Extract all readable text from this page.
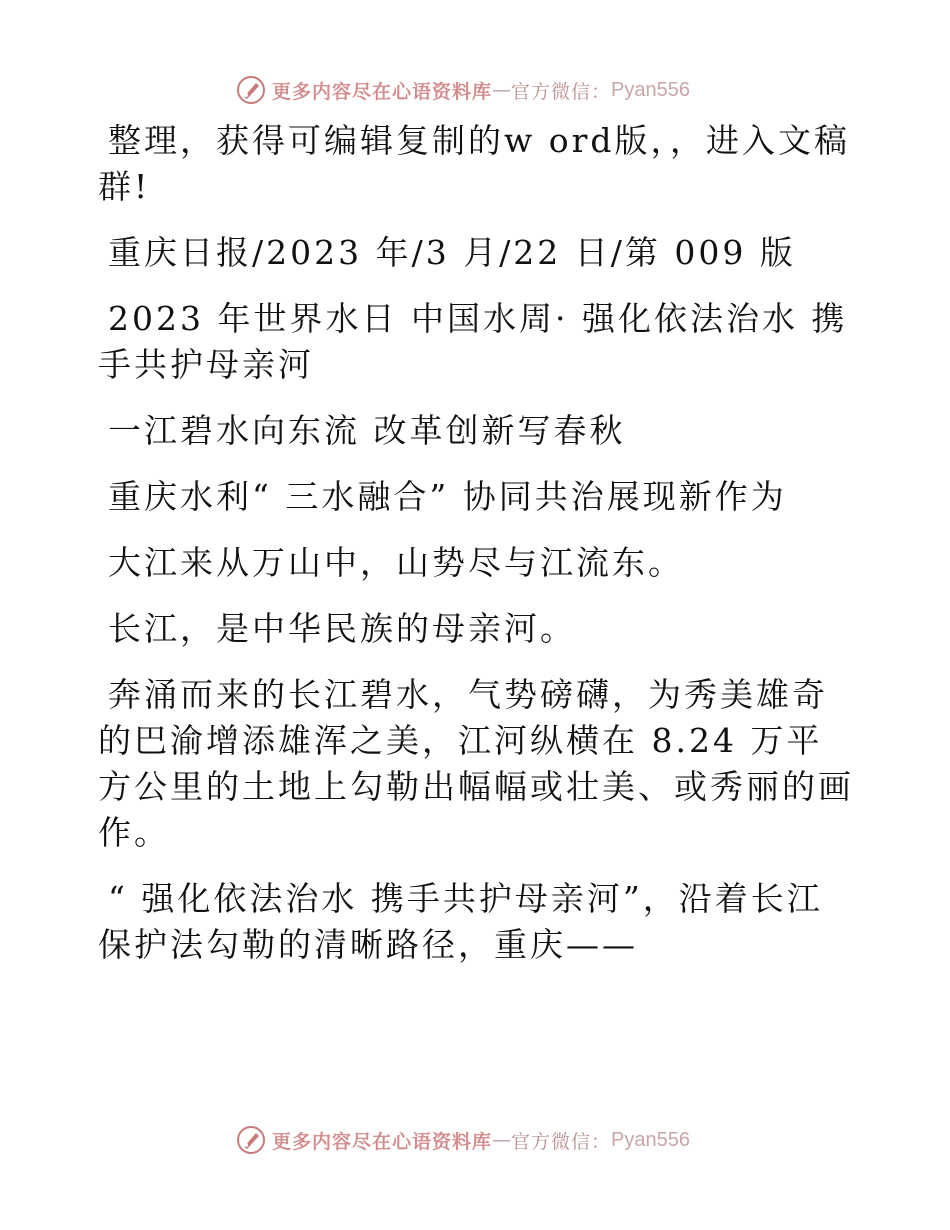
更多内容尽在心语资料库 — 官方微信： Pyan556

整理，获得可编辑复制的w ord版，，进入文稿群!

重庆日报/2023 年/3 月/22 日/第 009 版

2023 年世界水日 中国水周· 强化依法治水 携手共护母亲河

一江碧水向东流 改革创新写春秋

重庆水利“ 三水融合” 协同共治展现新作为

大江来从万山中，山势尽与江流东。

长江，是中华民族的母亲河。

奔涌而来的长江碧水，气势磅礴，为秀美雄奇的巴渝增添雄浑之美，江河纵横在 8.24 万平方公里的土地上勾勒出幅幅或壮美、或秀丽的画作。

“ 强化依法治水 携手共护母亲河”，沿着长江保护法勾勒的清晰路径，重庆——

更多内容尽在心语资料库 — 官方微信： Pyan556
